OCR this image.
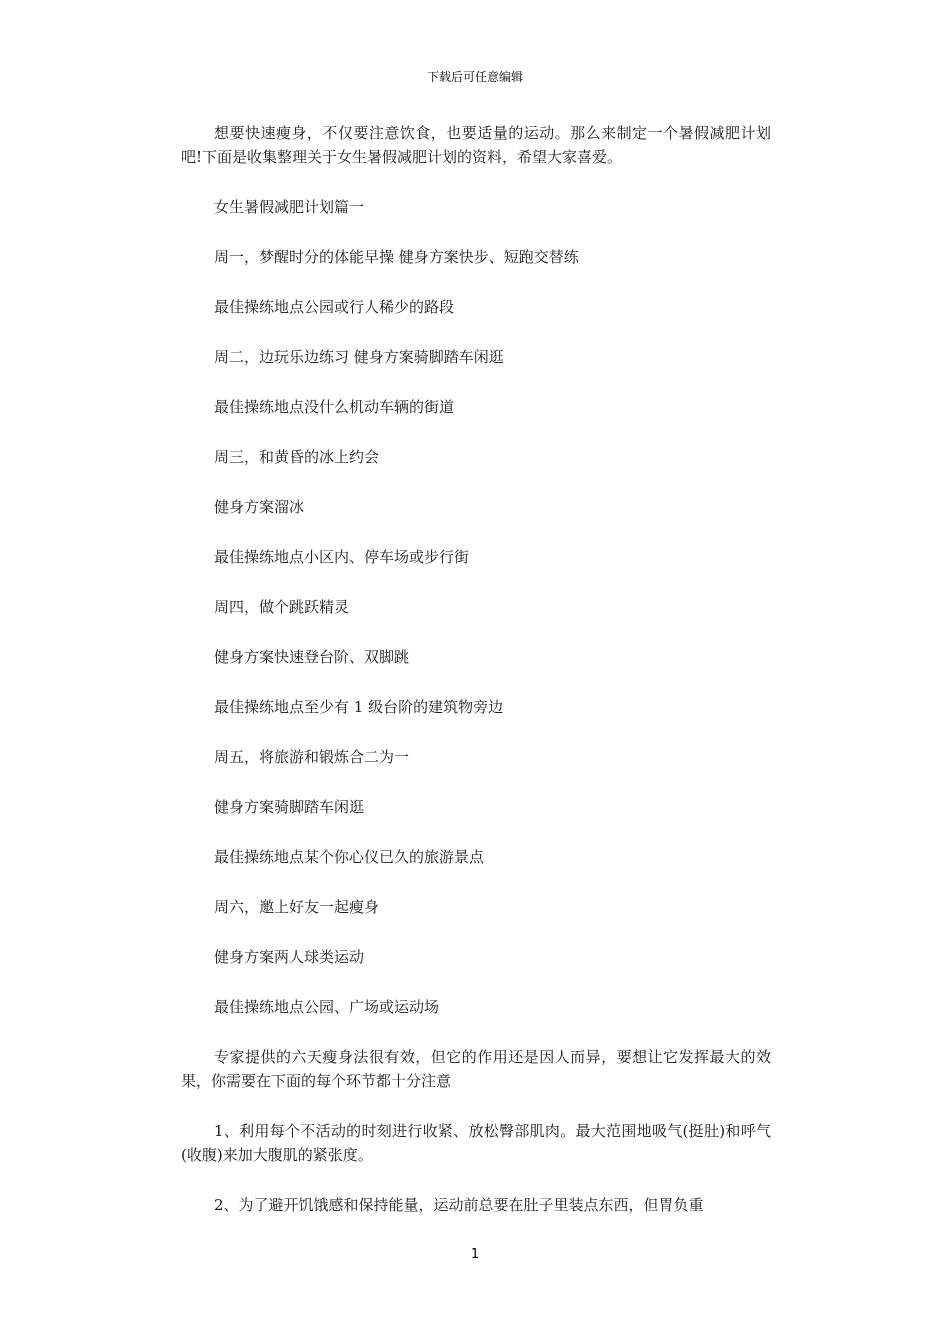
下载后可任意编辑

想要快速瘦身，不仅要注意饮食，也要适量的运动。那么来制定一个暑假减肥计划吧!下面是收集整理关于女生暑假减肥计划的资料，希望大家喜爱。

女生暑假减肥计划篇一

周一，梦醒时分的体能早操 健身方案快步、短跑交替练

最佳操练地点公园或行人稀少的路段

周二，边玩乐边练习 健身方案骑脚踏车闲逛

最佳操练地点没什么机动车辆的街道

周三，和黄昏的冰上约会

健身方案溜冰

最佳操练地点小区内、停车场或步行街

周四，做个跳跃精灵

健身方案快速登台阶、双脚跳

最佳操练地点至少有 1 级台阶的建筑物旁边

周五，将旅游和锻炼合二为一

健身方案骑脚踏车闲逛

最佳操练地点某个你心仪已久的旅游景点

周六，邀上好友一起瘦身

健身方案两人球类运动

最佳操练地点公园、广场或运动场

专家提供的六天瘦身法很有效，但它的作用还是因人而异，要想让它发挥最大的效果，你需要在下面的每个环节都十分注意

1、利用每个不活动的时刻进行收紧、放松臀部肌肉。最大范围地吸气(挺肚)和呼气(收腹)来加大腹肌的紧张度。

2、为了避开饥饿感和保持能量，运动前总要在肚子里装点东西，但胃负重

1
